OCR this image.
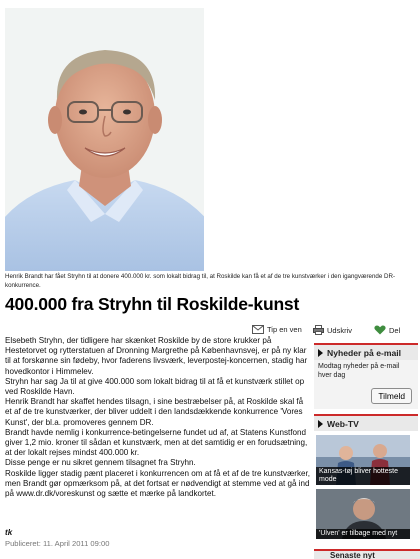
Henrik Brandt har fået Stryhn til at donere 400.000 kr. som lokalt bidrag til, at Roskilde kan få et af de tre kunstværker i den igangværende DR-konkurrence.
400.000 fra Stryhn til Roskilde-kunst
Tip en ven	Udskriv	Del

Elsebeth Stryhn, der tidligere har skænket Roskilde by de store krukker på Hestetorvet og rytterstatuen af Dronning Margrethe på Københavnsvej, er på ny klar til at forskønne sin fødeby, hvor faderens livsværk, leverpostej-koncernen, stadig har hovedkontor i Himmelev.

Stryhn har sag Ja til at give 400.000 som lokalt bidrag til at få et kunstværk stillet op ved Roskilde Havn.

Henrik Brandt har skaffet hendes tilsagn, i sine bestræbelser på, at Roskilde skal få et af de tre kunstværker, der bliver uddelt i den landsdækkende konkurrence 'Vores Kunst', der bl.a. promoveres gennem DR.

Brandt havde nemlig i konkurrence-betingelserne fundet ud af, at Statens Kunstfond giver 1,2 mio. kroner til sådan et kunstværk, men at det samtidig er en forudsætning, at der lokalt rejses mindst 400.000 kr.

Disse penge er nu sikret gennem tilsagnet fra Stryhn.

Roskilde ligger stadig pænt placeret i konkurrencen om at få et af de tre kunstværker, men Brandt gør opmærksom på, at det fortsat er nødvendigt at stemme ved at gå ind på www.dr.dk/voreskunst og sætte et mærke på landkortet.

tk
Publiceret: 11. April 2011 09:00
Nyheder på e-mail
Modtag nyheder på e-mail hver dag
Tilmeld
Web-TV
Kansas-tøj bliver hotteste mode
'Ulven' er tilbage med nyt
Senaste nyt
